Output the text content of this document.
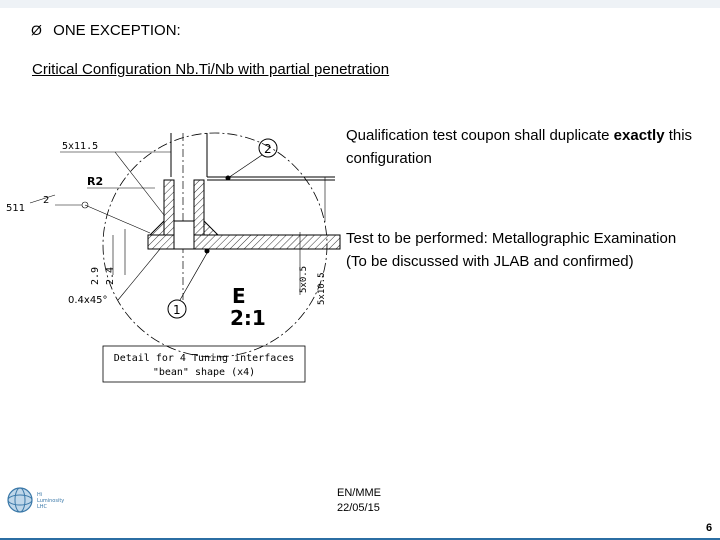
Ø ONE EXCEPTION:
Critical Configuration Nb.Ti/Nb with partial penetration
5x11.5
R2
511
2
2
5x0.5 5x10.5
2.9 2.4
0.4x45°
1
E
2:1
Detail for 4 Tuning interfaces
"bean" shape (x4)
Qualification test coupon shall duplicate exactly this configuration
Test to be performed: Metallographic Examination
(To be discussed with JLAB and confirmed)
Hi
Luminosity
LHC
EN/MME
22/05/15
6
